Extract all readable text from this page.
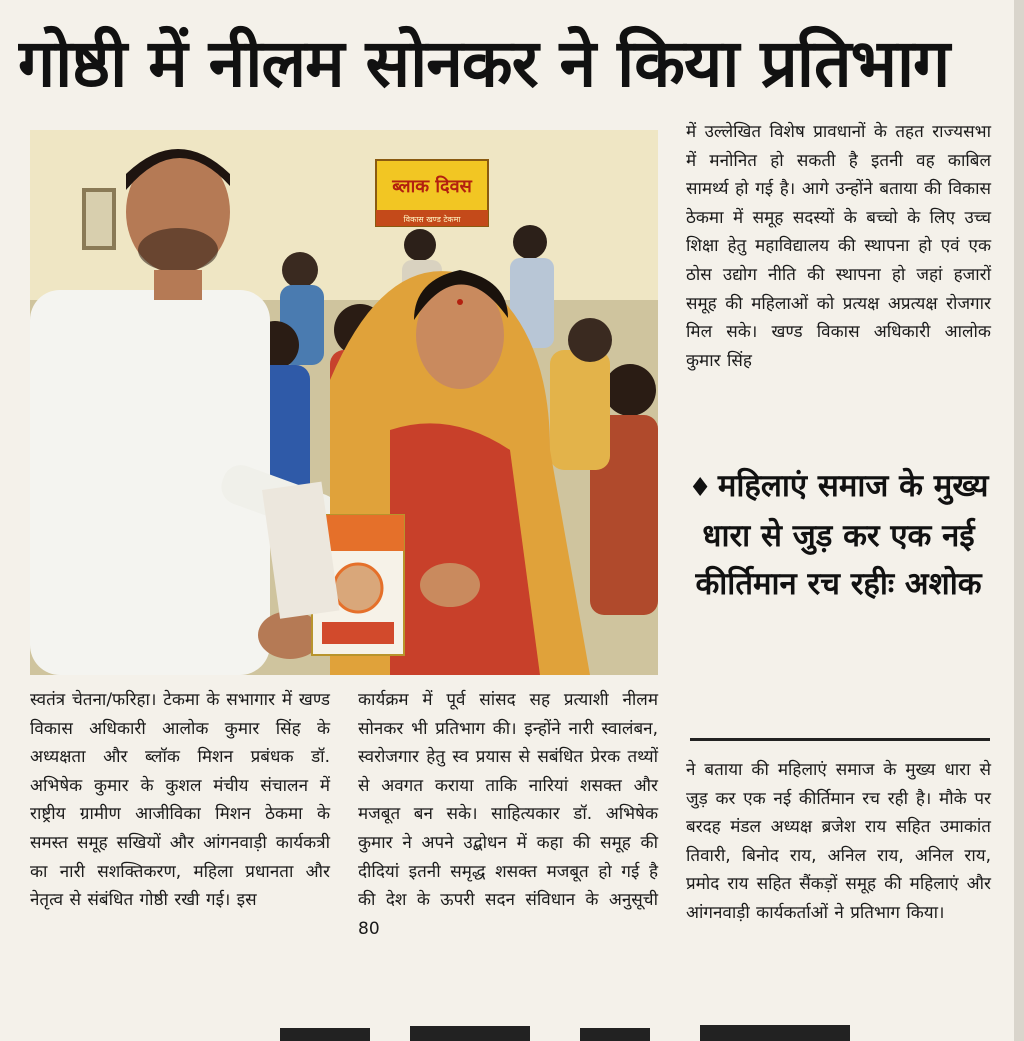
गोष्ठी में नीलम सोनकर ने किया प्रतिभाग
ब्लाक दिवस
विकास खण्ड टेकमा

में उल्लेखित विशेष प्रावधानों के तहत राज्यसभा में मनोनित हो सकती है इतनी वह काबिल सामर्थ्य हो गई है। आगे उन्होंने बताया की विकास ठेकमा में समूह सदस्यों के बच्चो के लिए उच्च शिक्षा हेतु महाविद्यालय की स्थापना हो एवं एक ठोस उद्योग नीति की स्थापना हो जहां हजारों समूह की महिलाओं को प्रत्यक्ष अप्रत्यक्ष रोजगार मिल सके। खण्ड विकास अधिकारी आलोक कुमार सिंह

♦ महिलाएं समाज के मुख्य धारा से जुड़ कर एक नई कीर्तिमान रच रहीः अशोक

स्वतंत्र चेतना/फरिहा। टेकमा के सभागार में खण्ड विकास अधिकारी आलोक कुमार सिंह के अध्यक्षता और ब्लॉक मिशन प्रबंधक डॉ. अभिषेक कुमार के कुशल मंचीय संचालन में राष्ट्रीय ग्रामीण आजीविका मिशन ठेकमा के समस्त समूह सखियों और आंगनवाड़ी कार्यकत्री का नारी सशक्तिकरण, महिला प्रधानता और नेतृत्व से संबंधित गोष्ठी रखी गई। इस

कार्यक्रम में पूर्व सांसद सह प्रत्याशी नीलम सोनकर भी प्रतिभाग की। इन्होंने नारी स्वालंबन, स्वरोजगार हेतु स्व प्रयास से सबंधित प्रेरक तथ्यों से अवगत कराया ताकि नारियां शसक्त और मजबूत बन सके। साहित्यकार डॉ. अभिषेक कुमार ने अपने उद्बोधन में कहा की समूह की दीदियां इतनी समृद्ध शसक्त मजबूत हो गई है की देश के ऊपरी सदन संविधान के अनुसूची 80

ने बताया की महिलाएं समाज के मुख्य धारा से जुड़ कर एक नई कीर्तिमान रच रही है। मौके पर बरदह मंडल अध्यक्ष ब्रजेश राय सहित उमाकांत तिवारी, बिनोद राय, अनिल राय, अनिल राय, प्रमोद राय सहित सैंकड़ों समूह की महिलाएं और आंगनवाड़ी कार्यकर्ताओं ने प्रतिभाग किया।
